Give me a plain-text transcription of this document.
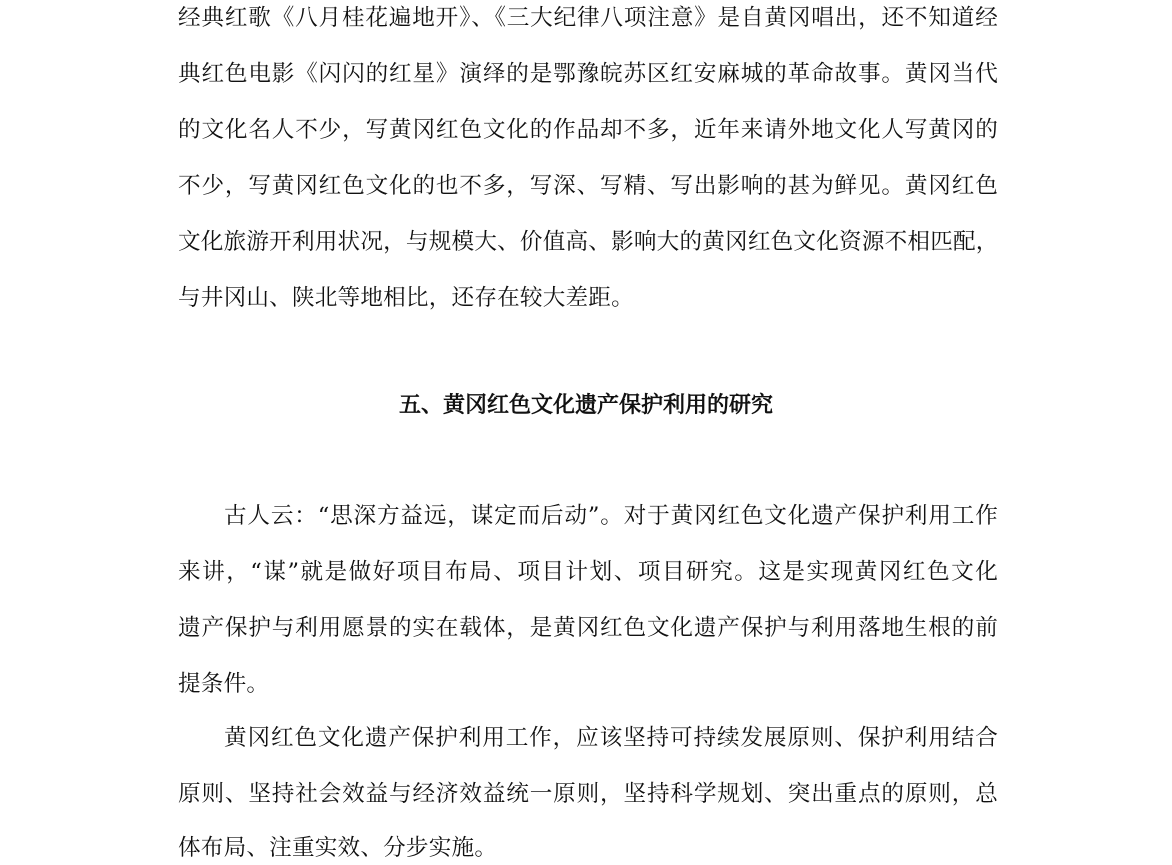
经典红歌《八月桂花遍地开》、《三大纪律八项注意》是自黄冈唱出，还不知道经
典红色电影《闪闪的红星》演绎的是鄂豫皖苏区红安麻城的革命故事。黄冈当代
的文化名人不少，写黄冈红色文化的作品却不多，近年来请外地文化人写黄冈的
不少，写黄冈红色文化的也不多，写深、写精、写出影响的甚为鲜见。黄冈红色
文化旅游开利用状况，与规模大、价值高、影响大的黄冈红色文化资源不相匹配，
与井冈山、陕北等地相比，还存在较大差距。
五、黄冈红色文化遗产保护利用的研究
古人云：“思深方益远，谋定而后动”。对于黄冈红色文化遗产保护利用工作
来讲，“谋”就是做好项目布局、项目计划、项目研究。这是实现黄冈红色文化
遗产保护与利用愿景的实在载体，是黄冈红色文化遗产保护与利用落地生根的前
提条件。
黄冈红色文化遗产保护利用工作，应该坚持可持续发展原则、保护利用结合
原则、坚持社会效益与经济效益统一原则，坚持科学规划、突出重点的原则，总
体布局、注重实效、分步实施。
